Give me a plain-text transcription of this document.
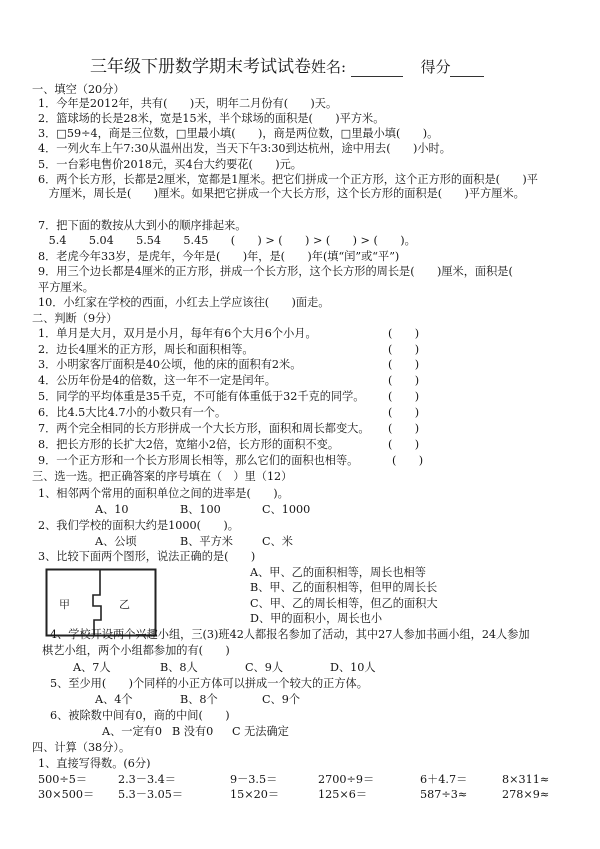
三年级下册数学期末考试试卷姓名: 　	得分
一、填空（20分）
1．今年是2012年，共有(　　)天，明年二月份有(　　)天。
2．篮球场的长是28米，宽是15米，半个球场的面积是(　　)平方米。
3．□59÷4，商是三位数，□里最小填(　　)，商是两位数，□里最小填(　　)。
4．一列火车上午7:30从温州出发，当天下午3:30到达杭州，途中用去(　　)小时。
5．一台彩电售价2018元，买4台大约要花(　　)元。
6．两个长方形，长都是2厘米，宽都是1厘米。把它们拼成一个正方形，这个正方形的面积是(　　)平
方厘米，周长是(　　)厘米。如果把它拼成一个大长方形，这个长方形的面积是(　　)平方厘米。
7．把下面的数按从大到小的顺序排起来。
5.4　　5.04　　5.54　　5.45　　(　　) > (　　) > (　　) > (　　)。
8．老虎今年33岁，是虎年，今年是(　　)年，是(　　)年(填“闰”或“平”)
9．用三个边长都是4厘米的正方形，拼成一个长方形，这个长方形的周长是(　　)厘米，面积是(　　
平方厘米。
10．小红家在学校的西面，小红去上学应该往(　　)面走。
二、判断（9分）
1．单月是大月，双月是小月，每年有6个大月6个小月。	(　　)
2．边长4厘米的正方形，周长和面积相等。	(　　)
3．小明家客厅面积是40公顷，他的床的面积有2米。	(　　)
4．公历年份是4的倍数，这一年不一定是闰年。	(　　)
5．同学的平均体重是35千克，不可能有体重低于32千克的同学。 (　　)
6．比4.5大比4.7小的小数只有一个。	(　　)
7．两个完全相同的长方形拼成一个大长方形，面积和周长都变大。 (　　)
8．把长方形的长扩大2倍，宽缩小2倍，长方形的面积不变。	(　　)
9．一个正方形和一个长方形周长相等，那么它们的面积也相等。	(　　)
三、选一选。把正确答案的序号填在（　）里（12）
1、相邻两个常用的面积单位之间的进率是(　　)。
A、10	B、100	C、1000
2、我们学校的面积大约是1000(　　)。
A、公顷	B、平方米	C、米
3、比较下面两个图形，说法正确的是(　　)
甲	乙
A、甲、乙的面积相等，周长也相等
B、甲、乙的面积相等，但甲的周长长
C、甲、乙的周长相等，但乙的面积大
D、甲的面积小，周长也小
4、学校开设两个兴趣小组，三(3)班42人都报名参加了活动，其中27人参加书画小组，24人参加
棋艺小组，两个小组都参加的有(　　)
A、7人	B、8人	C、9人	D、10人
5、至少用(　　)个同样的小正方体可以拼成一个较大的正方体。
A、4个	B、8个	C、9个
6、被除数中间有0，商的中间(　　)
A、一定有0 B 没有0 C 无法确定
四、计算（38分）。
1、直接写得数。(6分)
500÷5＝	2.3－3.4＝	9－3.5＝	2700÷9＝	6＋4.7＝	8×311≈
30×500＝ 5.3－3.05＝	15×20＝	125×6＝	587÷3≈	278×9≈
